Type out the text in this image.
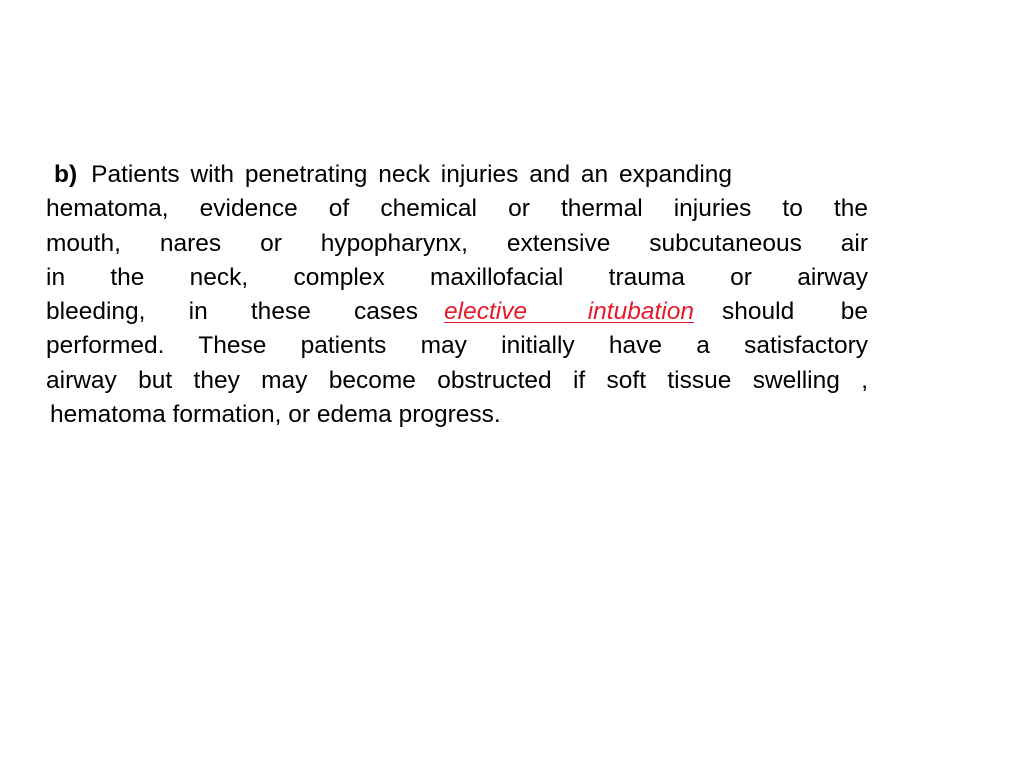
b) Patients with penetrating neck injuries and an expanding
hematoma, evidence of chemical or thermal injuries to the
mouth, nares or hypopharynx, extensive subcutaneous air
in the neck, complex maxillofacial trauma or airway
bleeding, in these cases elective intubation	should be
performed. These patients may initially have a satisfactory
airway but they may become obstructed if soft tissue swelling ,
hematoma formation, or edema progress.
